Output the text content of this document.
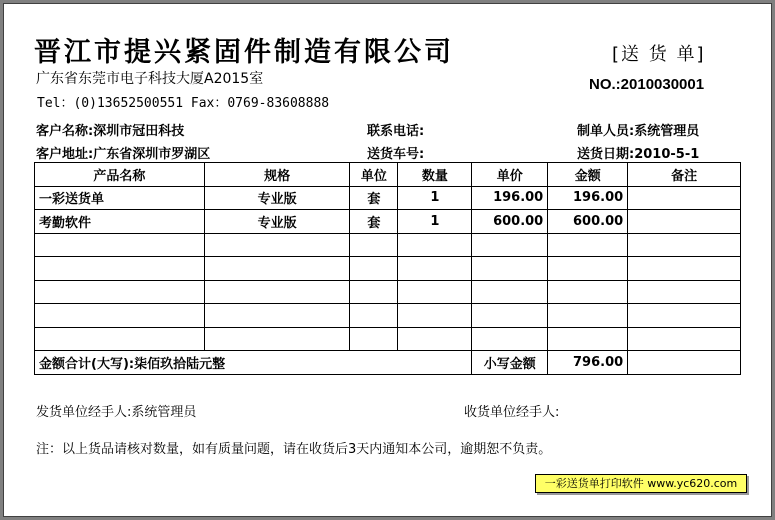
晋江市提兴紧固件制造有限公司	[送 货 单]
广东省东莞市电子科技大厦A2015室	NO.:2010030001
Tel：(0)13652500551 Fax：0769-83608888
客户名称:深圳市冠田科技	联系电话:	制单人员:系统管理员
客户地址:广东省深圳市罗湖区	送货车号:	送货日期:2010-5-1
产品名称	规格	单位	数量	单价	金额	备注
一彩送货单	专业版	套	1	196.00	196.00	
考勤软件	专业版	套	1	600.00	600.00	

金额合计(大写):柒佰玖拾陆元整				小写金额	796.00	
发货单位经手人:系统管理员	收货单位经手人:
注：以上货品请核对数量，如有质量问题，请在收货后3天内通知本公司，逾期恕不负责。
一彩送货单打印软件 www.yc620.com
